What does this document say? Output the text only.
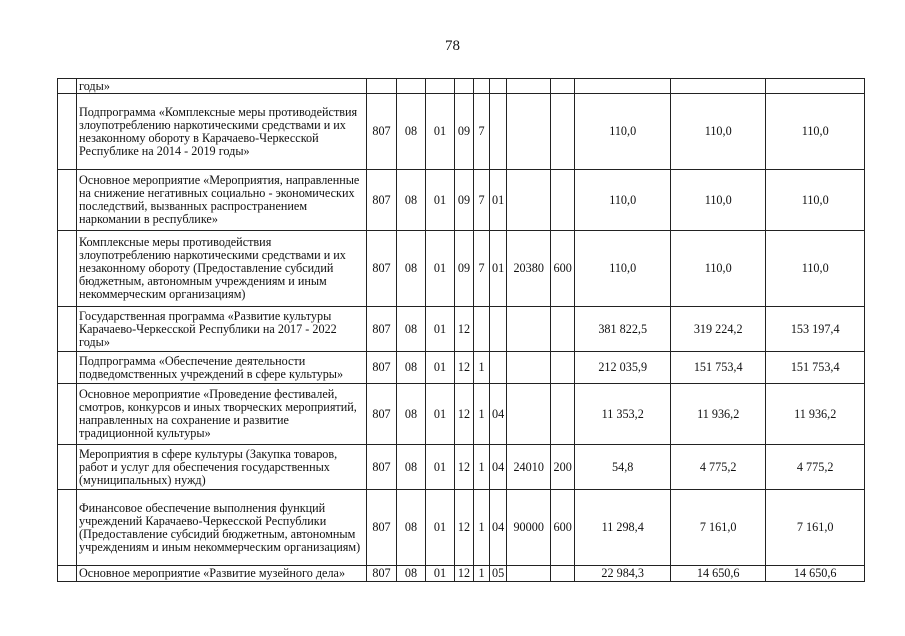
78
	годы»											
	Подпрограмма «Комплексные меры противодействия злоупотреблению наркотическими средствами и их незаконному обороту в Карачаево-Черкесской Республике на 2014 - 2019 годы»	807	08	01	09	7				110,0	110,0	110,0
	Основное мероприятие «Мероприятия, направленные на снижение негативных социально - экономических последствий, вызванных распространением наркомании в республике»	807	08	01	09	7	01			110,0	110,0	110,0
	Комплексные меры противодействия злоупотреблению наркотическими средствами и их незаконному обороту (Предоставление субсидий бюджетным, автономным учреждениям и иным некоммерческим организациям)	807	08	01	09	7	01	20380	600	110,0	110,0	110,0
	Государственная программа «Развитие культуры Карачаево-Черкесской Республики на 2017 - 2022 годы»	807	08	01	12					381 822,5	319 224,2	153 197,4
	Подпрограмма «Обеспечение деятельности подведомственных учреждений в сфере культуры»	807	08	01	12	1				212 035,9	151 753,4	151 753,4
	Основное мероприятие «Проведение фестивалей, смотров, конкурсов и иных творческих мероприятий, направленных на сохранение и развитие традиционной культуры»	807	08	01	12	1	04			11 353,2	11 936,2	11 936,2
	Мероприятия в сфере культуры (Закупка товаров, работ и услуг для обеспечения государственных (муниципальных) нужд)	807	08	01	12	1	04	24010	200	54,8	4 775,2	4 775,2
	Финансовое обеспечение выполнения функций учреждений Карачаево-Черкесской Республики (Предоставление субсидий бюджетным, автономным учреждениям и иным некоммерческим организациям)	807	08	01	12	1	04	90000	600	11 298,4	7 161,0	7 161,0
	Основное мероприятие «Развитие музейного дела»	807	08	01	12	1	05			22 984,3	14 650,6	14 650,6
